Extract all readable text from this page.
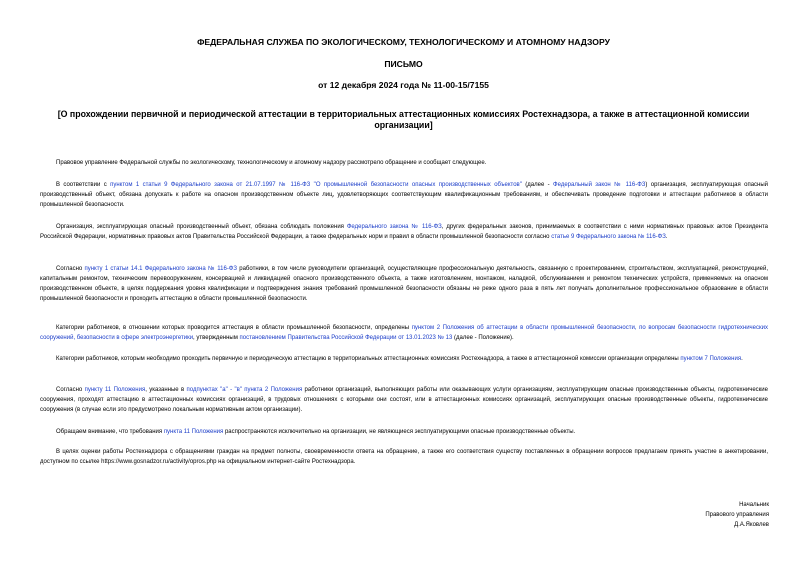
ФЕДЕРАЛЬНАЯ СЛУЖБА ПО ЭКОЛОГИЧЕСКОМУ, ТЕХНОЛОГИЧЕСКОМУ И АТОМНОМУ НАДЗОРУ
ПИСЬМО
от 12 декабря 2024 года № 11-00-15/7155
[О прохождении первичной и периодической аттестации в территориальных аттестационных комиссиях Ростехнадзора, а также в аттестационной комиссии организации]
Правовое управление Федеральной службы по экологическому, технологическому и атомному надзору рассмотрело обращение и сообщает следующее.
В соответствии с пунктом 1 статьи 9 Федерального закона от 21.07.1997 № 116-ФЗ "О промышленной безопасности опасных производственных объектов" (далее - Федеральный закон № 116-ФЗ) организация, эксплуатирующая опасный производственный объект, обязана допускать к работе на опасном производственном объекте лиц, удовлетворяющих соответствующим квалификационным требованиям, и обеспечивать проведение подготовки и аттестации работников в области промышленной безопасности.
Организация, эксплуатирующая опасный производственный объект, обязана соблюдать положения Федерального закона № 116-ФЗ, других федеральных законов, принимаемых в соответствии с ними нормативных правовых актов Президента Российской Федерации, нормативных правовых актов Правительства Российской Федерации, а также федеральных норм и правил в области промышленной безопасности согласно статье 9 Федерального закона № 116-ФЗ.
Согласно пункту 1 статьи 14.1 Федерального закона № 116-ФЗ работники, в том числе руководители организаций, осуществляющие профессиональную деятельность, связанную с проектированием, строительством, эксплуатацией, реконструкцией, капитальным ремонтом, техническим перевооружением, консервацией и ликвидацией опасного производственного объекта, а также изготовлением, монтажом, наладкой, обслуживанием и ремонтом технических устройств, применяемых на опасном производственном объекте, в целях поддержания уровня квалификации и подтверждения знания требований промышленной безопасности обязаны не реже одного раза в пять лет получать дополнительное профессиональное образование в области промышленной безопасности и проходить аттестацию в области промышленной безопасности.
Категории работников, в отношении которых проводится аттестация в области промышленной безопасности, определены пунктом 2 Положения об аттестации в области промышленной безопасности, по вопросам безопасности гидротехнических сооружений, безопасности в сфере электроэнергетики, утвержденным постановлением Правительства Российской Федерации от 13.01.2023 № 13 (далее - Положение).
Категории работников, которым необходимо проходить первичную и периодическую аттестацию в территориальных аттестационных комиссиях Ростехнадзора, а также в аттестационной комиссии организации определены пунктом 7 Положения.
Согласно пункту 11 Положения, указанные в подпунктах "а" - "в" пункта 2 Положения работники организаций, выполняющих работы или оказывающих услуги организациям, эксплуатирующим опасные производственные объекты, гидротехнические сооружения, проходят аттестацию в аттестационных комиссиях организаций, в трудовых отношениях с которыми они состоят, или в аттестационных комиссиях организаций, эксплуатирующих опасные производственные объекты, гидротехнические сооружения (в случае если это предусмотрено локальным нормативным актом организации).
Обращаем внимание, что требования пункта 11 Положения распространяются исключительно на организации, не являющиеся эксплуатирующими опасные производственные объекты.
В целях оценки работы Ростехнадзора с обращениями граждан на предмет полноты, своевременности ответа на обращение, а также его соответствия существу поставленных в обращении вопросов предлагаем принять участие в анкетировании, доступном по ссылке https://www.gosnadzor.ru/activity/opros.php на официальном интернет-сайте Ростехнадзора.
Начальник
Правового управления
Д.А.Яковлев
